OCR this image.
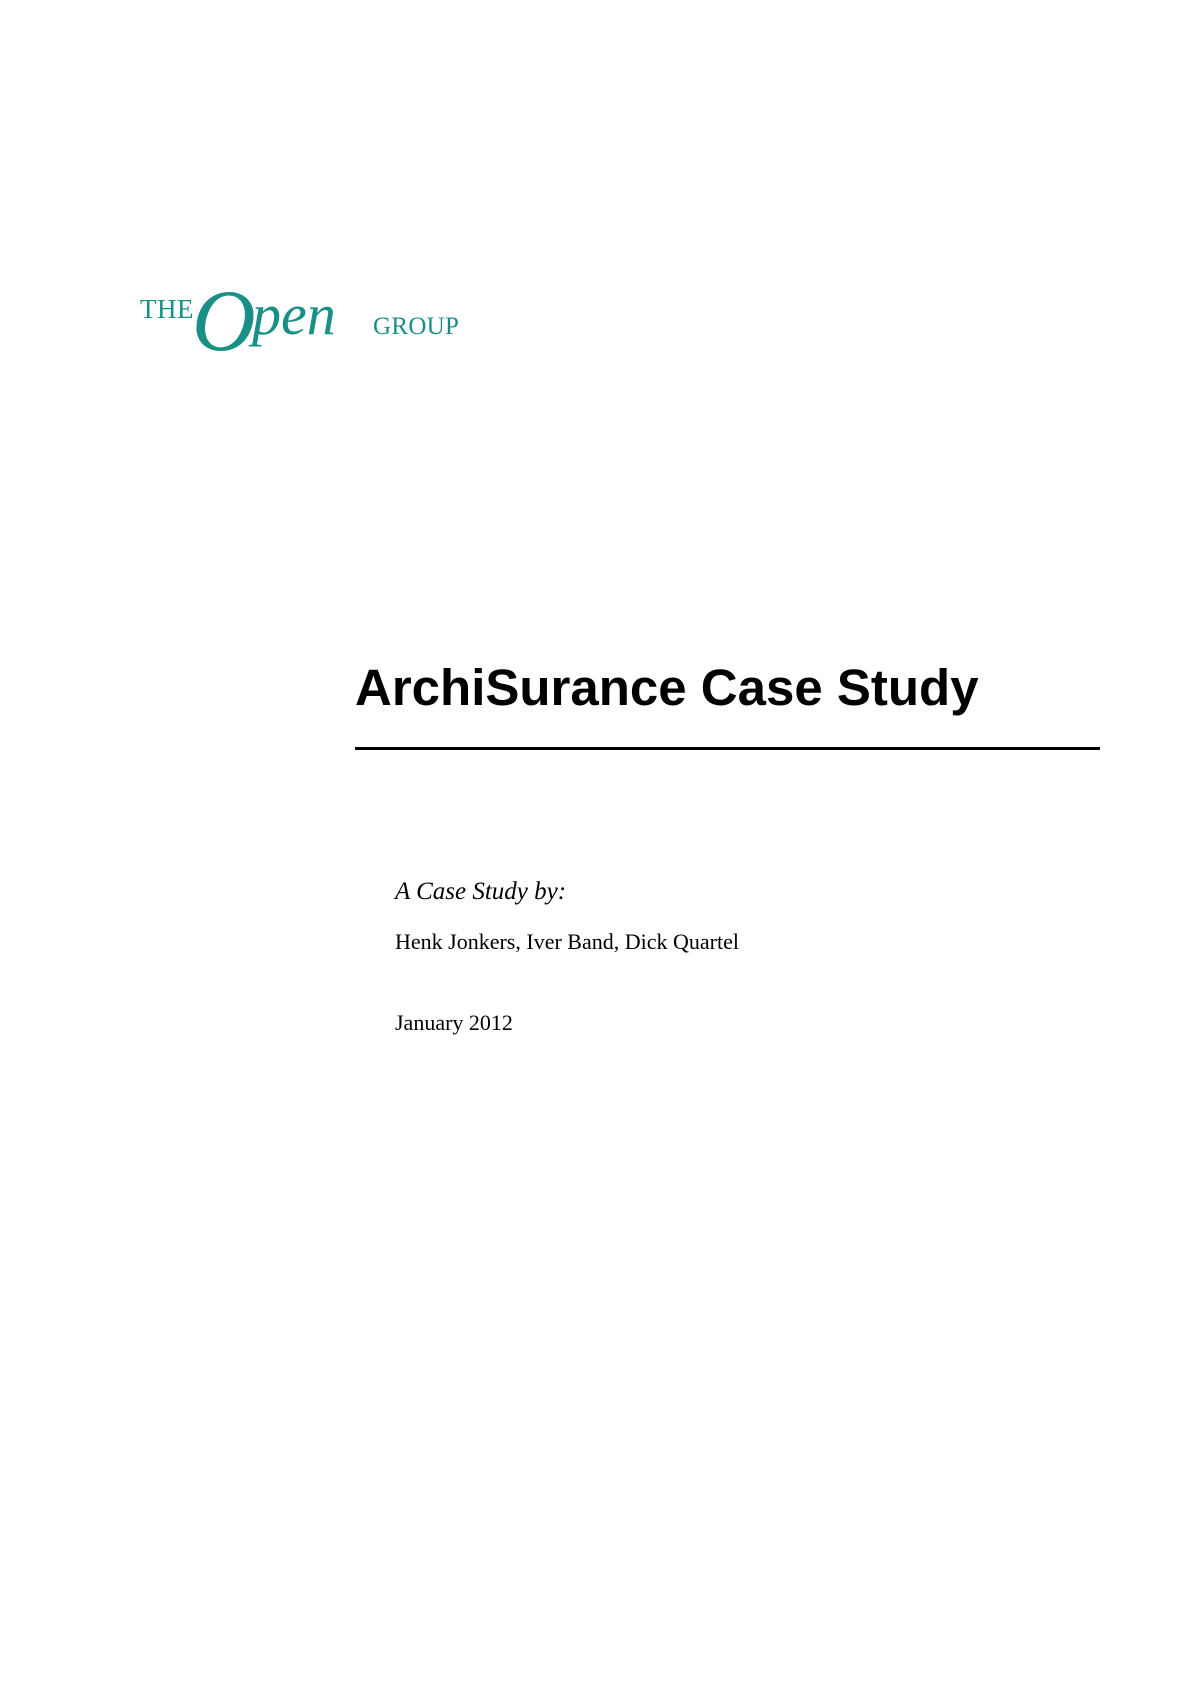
THE
O
pen GROUP
ArchiSurance Case Study
A Case Study by:
Henk Jonkers, Iver Band, Dick Quartel
January 2012
